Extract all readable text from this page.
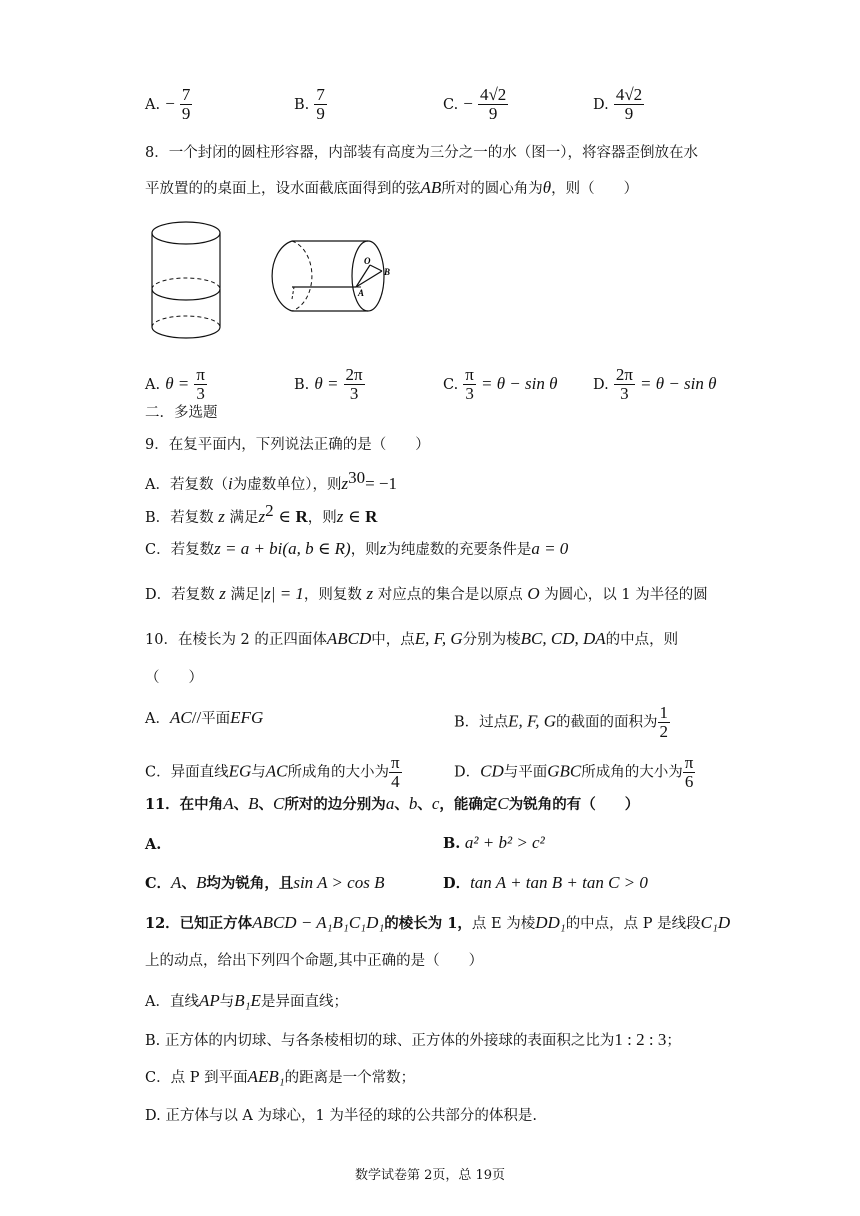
A. − $\frac{7}{9}$	B. $\frac{7}{9}$	C. − $\frac{4√2}{9}$	D. $\frac{4√2}{9}$
8．一个封闭的圆柱形容器，内部装有高度为三分之一的水（图一），将容器歪倒放在水
平放置的的桌面上，设水面截底面得到的弦AB所对的圆心角为θ，则（　　）
O
B
A
A. $\theta = \frac{\pi}{3}$	B. $\theta = \frac{2\pi}{3}$	C. $\frac{\pi}{3} = \theta - \sin \theta$ D. $\frac{2\pi}{3} = \theta - \sin \theta$
二．多选题
9．在复平面内，下列说法正确的是（　　）
A．若复数（i为虚数单位），则$z^{30}= -1$
B．若复数 z 满足$z^2$ ∈ R，则z ∈ R
C．若复数z = a + bi(a, b ∈ R)，则z为纯虚数的充要条件是a = 0
D．若复数 z 满足|z| = 1，则复数 z 对应点的集合是以原点 O 为圆心，以 1 为半径的圆
10．在棱长为 2 的正四面体ABCD中，点E, F, G分别为棱BC, CD, DA的中点，则
（　　）
A．AC//平面EFG	B．过点E, F, G的截面的面积为 $\frac{1}{2}$
C．异面直线EG与AC所成角的大小为 $\frac{\pi}{4}$	D．CD与平面GBC所成角的大小为 $\frac{\pi}{6}$
11．在中角A、B、C所对的边分别为a、b、c，能确定C为锐角的有（　　）
A.	B. a² + b² > c²
C．A、B均为锐角，且sin A > cos B	D．tan A + tan B + tan C > 0
12．已知正方体ABCD − A₁B₁C₁D₁的棱长为 1，点 E 为棱DD₁的中点，点 P 是线段C₁D
上的动点，给出下列四个命题,其中正确的是（　　）
A．直线AP与B₁E是异面直线；
B. 正方体的内切球、与各条棱相切的球、正方体的外接球的表面积之比为1 : 2 : 3；
C．点 P 到平面AEB₁的距离是一个常数；
D. 正方体与以 A 为球心，1 为半径的球的公共部分的体积是.
数学试卷第 2页，总 19页
